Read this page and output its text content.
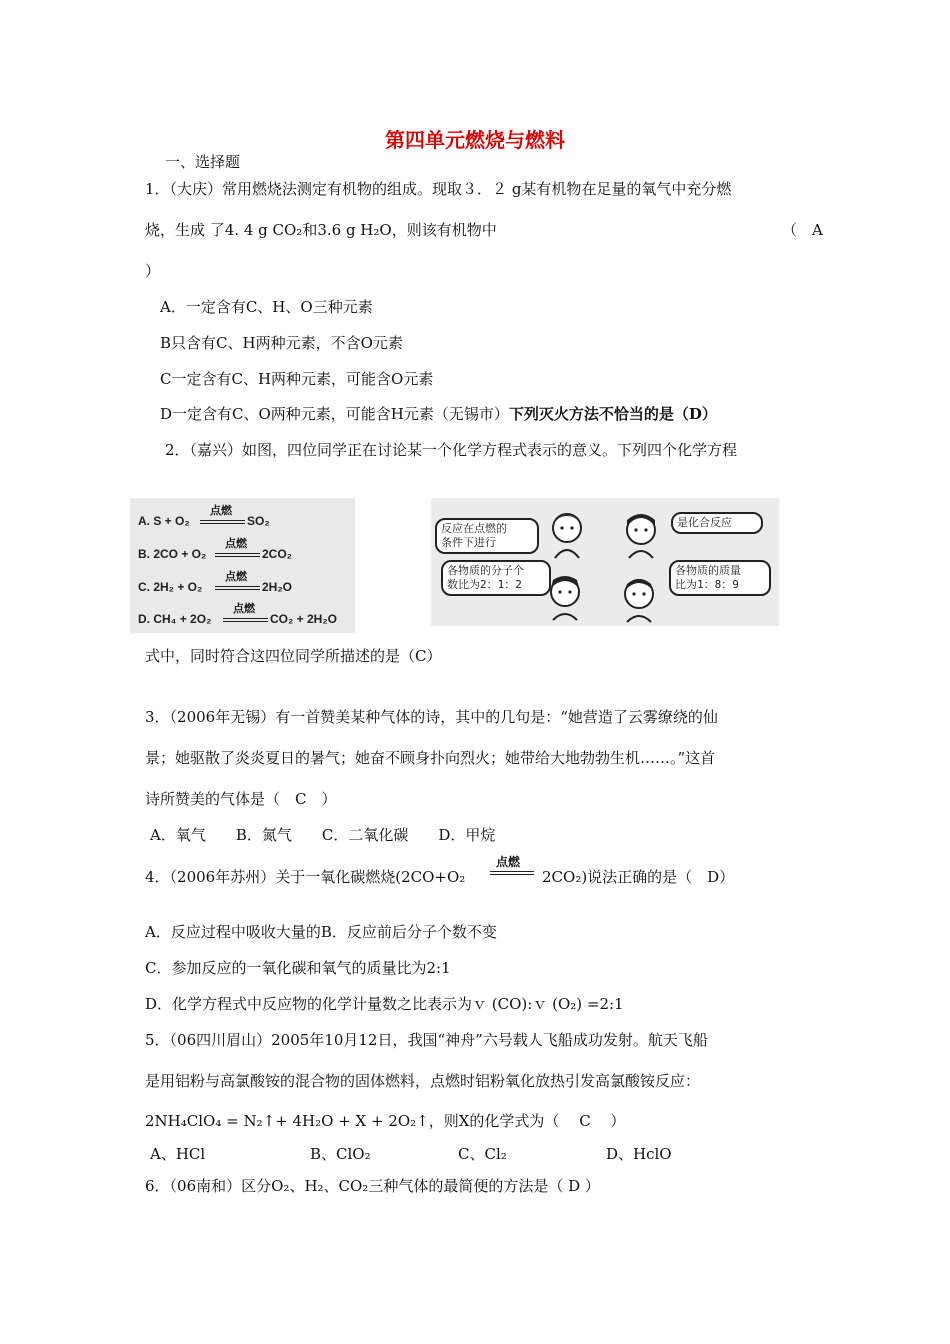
第四单元燃烧与燃料
一、选择题
1．（大庆）常用燃烧法测定有机物的组成。现取３．２ g某有机物在足量的氧气中充分燃
烧，生成 了4. 4 g CO₂和3.6 g H₂O，则该有机物中	（　A
）
A．一定含有C、H、O三种元素
B只含有C、H两种元素，不含O元素
C一定含有C、H两种元素，可能含O元素
D一定含有C、O两种元素，可能含H元素（无锡市）下列灭火方法不恰当的是（D）
2．（嘉兴）如图，四位同学正在讨论某一个化学方程式表示的意义。下列四个化学方程
A. S + O₂
点燃
SO₂
B. 2CO + O₂
点燃
2CO₂
C. 2H₂ + O₂
点燃
2H₂O
D. CH₄ + 2O₂
点燃
CO₂ + 2H₂O
反应在点燃的
条件下进行
是化合反应
各物质的分子个
数比为2：1：2
各物质的质量
比为1：8：9
式中，同时符合这四位同学所描述的是（C）
3．（2006年无锡）有一首赞美某种气体的诗，其中的几句是：“她营造了云雾缭绕的仙
景；她驱散了炎炎夏日的暑气；她奋不顾身扑向烈火；她带给大地勃勃生机……。”这首
诗所赞美的气体是（　C　）
A．氧气　　B．氮气　　C．二氧化碳　　D．甲烷
4．（2006年苏州）关于一氧化碳燃烧(2CO+O₂
点燃
2CO₂)说法正确的是（　D）
A．反应过程中吸收大量的B．反应前后分子个数不变
C．参加反应的一氧化碳和氧气的质量比为2:1
D．化学方程式中反应物的化学计量数之比表示为ｖ (CO):ｖ (O₂) =2:1
5．（06四川眉山）2005年10月12日，我国“神舟”六号载人飞船成功发射。航天飞船
是用铝粉与高氯酸铵的混合物的固体燃料，点燃时铝粉氧化放热引发高氯酸铵反应：
2NH₄ClO₄ = N₂↑+ 4H₂O + X + 2O₂↑，则X的化学式为（　 C　 ）
A、HCl	B、ClO₂	C、Cl₂	D、HclO
6．（06南和）区分O₂、H₂、CO₂三种气体的最简便的方法是（ D ）
